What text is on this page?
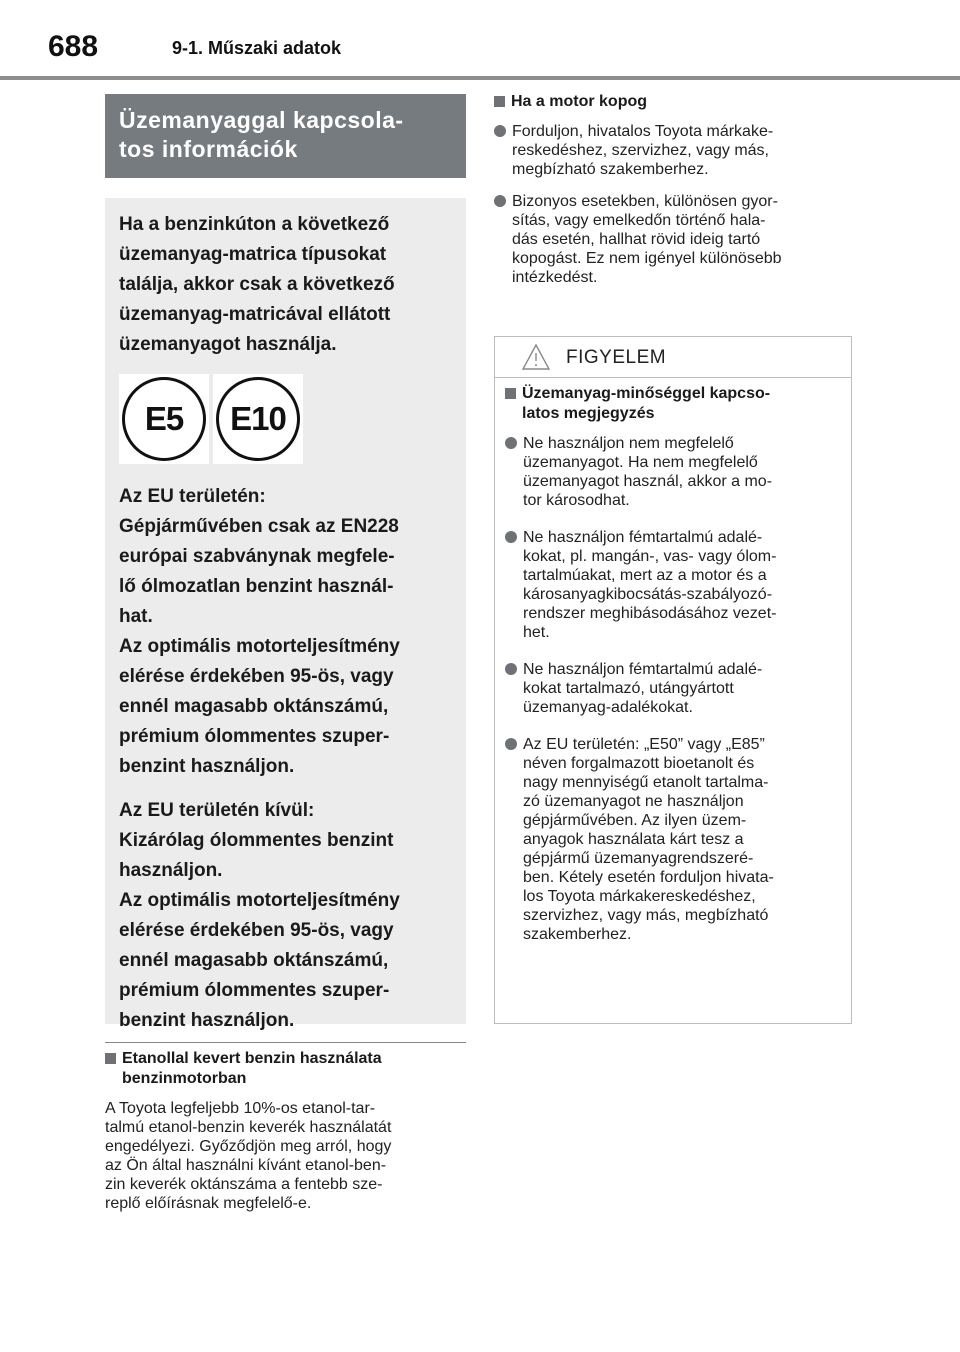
688	9-1. Műszaki adatok
Üzemanyaggal kapcsola-
tos információk

Ha a benzinkúton a következő

üzemanyag-matrica típusokat

találja, akkor csak a következő

üzemanyag-matricával ellátott

üzemanyagot használja.

E5	E10

Az EU területén:

Gépjárművében csak az EN228

európai szabványnak megfele-

lő ólmozatlan benzint használ-

hat.

Az optimális motorteljesítmény

elérése érdekében 95-ös, vagy

ennél magasabb oktánszámú,

prémium ólommentes szuper-

benzint használjon.

Az EU területén kívül:

Kizárólag ólommentes benzint

használjon.

Az optimális motorteljesítmény

elérése érdekében 95-ös, vagy

ennél magasabb oktánszámú,

prémium ólommentes szuper-

benzint használjon.

Etanollal kevert benzin használata
benzinmotorban
A Toyota legfeljebb 10%-os etanol-tar-
talmú etanol-benzin keverék használatát
engedélyezi. Győződjön meg arról, hogy
az Ön által használni kívánt etanol-ben-
zin keverék oktánszáma a fentebb sze-
replő előírásnak megfelelő-e.
Ha a motor kopog
Forduljon, hivatalos Toyota márkake-
reskedéshez, szervizhez, vagy más,
megbízható szakemberhez.
Bizonyos esetekben, különösen gyor-
sítás, vagy emelkedőn történő hala-
dás esetén, hallhat rövid ideig tartó
kopogást. Ez nem igényel különösebb
intézkedést.
FIGYELEM
Üzemanyag-minőséggel kapcso-
latos megjegyzés
Ne használjon nem megfelelő
üzemanyagot. Ha nem megfelelő
üzemanyagot használ, akkor a mo-
tor károsodhat.
Ne használjon fémtartalmú adalé-
kokat, pl. mangán-, vas- vagy ólom-
tartalmúakat, mert az a motor és a
károsanyagkibocsátás-szabályozó-
rendszer meghibásodásához vezet-
het.
Ne használjon fémtartalmú adalé-
kokat tartalmazó, utángyártott
üzemanyag-adalékokat.
Az EU területén: „E50” vagy „E85”
néven forgalmazott bioetanolt és
nagy mennyiségű etanolt tartalma-
zó üzemanyagot ne használjon
gépjárművében. Az ilyen üzem-
anyagok használata kárt tesz a
gépjármű üzemanyagrendszeré-
ben. Kétely esetén forduljon hivata-
los Toyota márkakereskedéshez,
szervizhez, vagy más, megbízható
szakemberhez.
